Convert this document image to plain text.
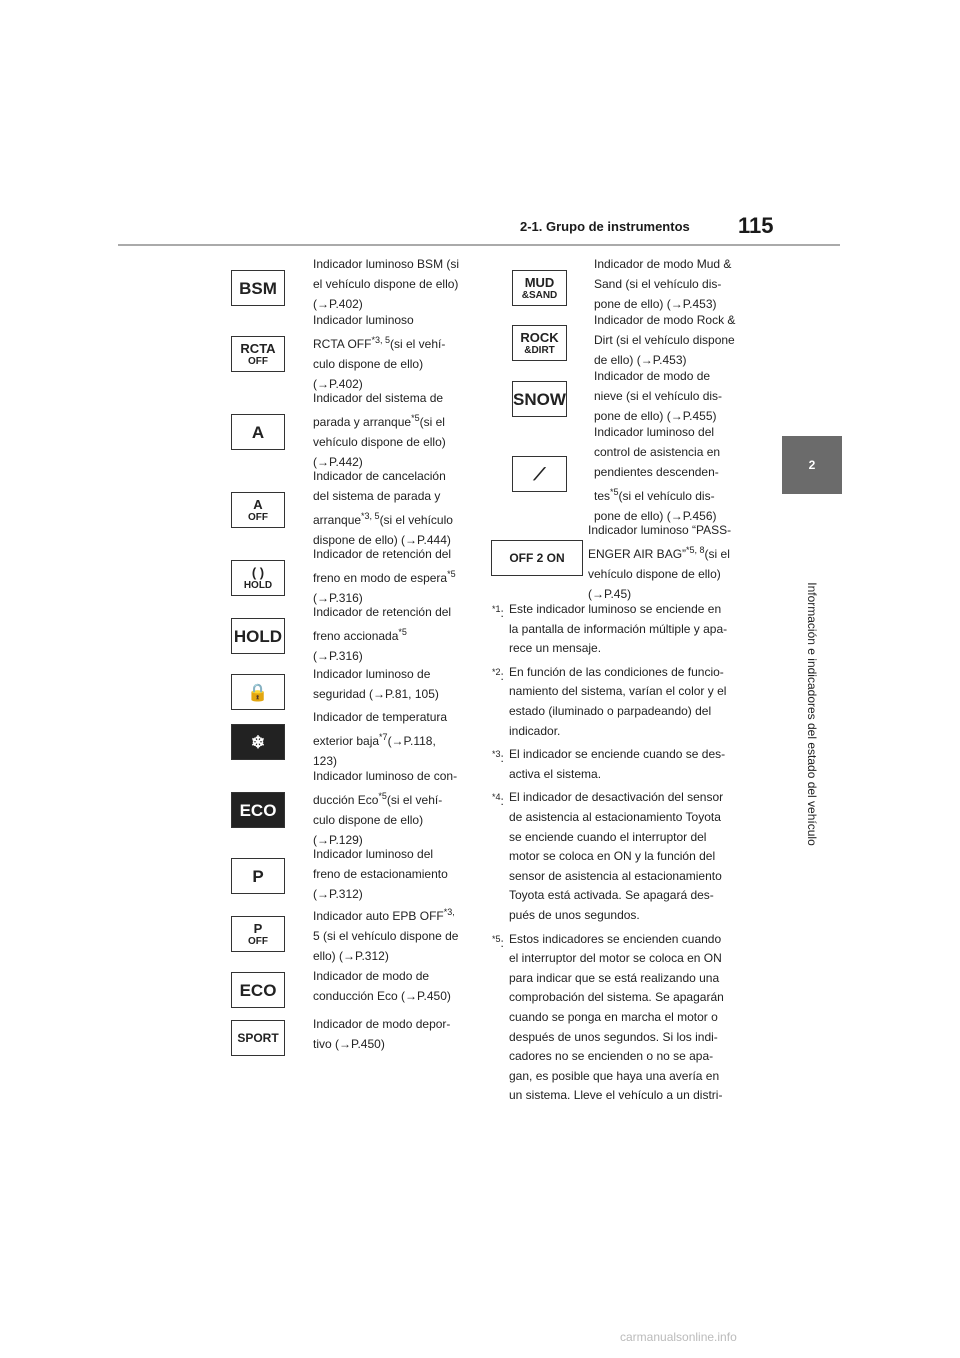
2-1. Grupo de instrumentos 115
2
Información e indicadores del estado del vehículo
BSM
Indicador luminoso BSM (si
el vehículo dispone de ello)
(→P.402)
RCTA
OFF
Indicador luminoso
RCTA OFF$^{*3, 5}$(si el vehí-
culo dispone de ello)
(→P.402)
A
Indicador del sistema de
parada y arranque$^{*5}$(si el
vehículo dispone de ello)
(→P.442)
A
OFF
Indicador de cancelación
del sistema de parada y
arranque$^{*3, 5}$(si el vehículo
dispone de ello) (→P.444)
( )
HOLD
Indicador de retención del
freno en modo de espera$^{*5}$
(→P.316)
HOLD
Indicador de retención del
freno accionada$^{*5}$
(→P.316)
🔒
Indicador luminoso de
seguridad (→P.81, 105)
❄
Indicador de temperatura
exterior baja$^{*7}$(→P.118,
123)
ECO
Indicador luminoso de con-
ducción Eco$^{*5}$(si el vehí-
culo dispone de ello)
(→P.129)
P
Indicador luminoso del
freno de estacionamiento
(→P.312)
P
OFF
Indicador auto EPB $OFF^{*3,}$
5 (si el vehículo dispone de
ello) (→P.312)
ECO
Indicador de modo de
conducción Eco (→P.450)
SPORT
Indicador de modo depor-
tivo (→P.450)
MUD
&SAND
Indicador de modo Mud &
Sand (si el vehículo dis-
pone de ello) (→P.453)
ROCK
&DIRT
Indicador de modo Rock &
Dirt (si el vehículo dispone
de ello) (→P.453)
SNOW
Indicador de modo de
nieve (si el vehículo dis-
pone de ello) (→P.455)
⟋
Indicador luminoso del
control de asistencia en
pendientes descenden-
tes$^{*5}$(si el vehículo dis-
pone de ello) (→P.456)
OFF 2 ON
Indicador luminoso “PASS-
ENGER AIR BAG”$^{*5, 8}$(si el
vehículo dispone de ello)
(→P.45)
$^{*1}$: Este indicador luminoso se enciende en
la pantalla de información múltiple y apa-
rece un mensaje.
$^{*2}$: En función de las condiciones de funcio-
namiento del sistema, varían el color y el
estado (iluminado o parpadeando) del
indicador.
$^{*3}$: El indicador se enciende cuando se des-
activa el sistema.
$^{*4}$: El indicador de desactivación del sensor
de asistencia al estacionamiento Toyota
se enciende cuando el interruptor del
motor se coloca en ON y la función del
sensor de asistencia al estacionamiento
Toyota está activada. Se apagará des-
pués de unos segundos.
$^{*5}$: Estos indicadores se encienden cuando
el interruptor del motor se coloca en ON
para indicar que se está realizando una
comprobación del sistema. Se apagarán
cuando se ponga en marcha el motor o
después de unos segundos. Si los indi-
cadores no se encienden o no se apa-
gan, es posible que haya una avería en
un sistema. Lleve el vehículo a un distri-
carmanualsonline.info
